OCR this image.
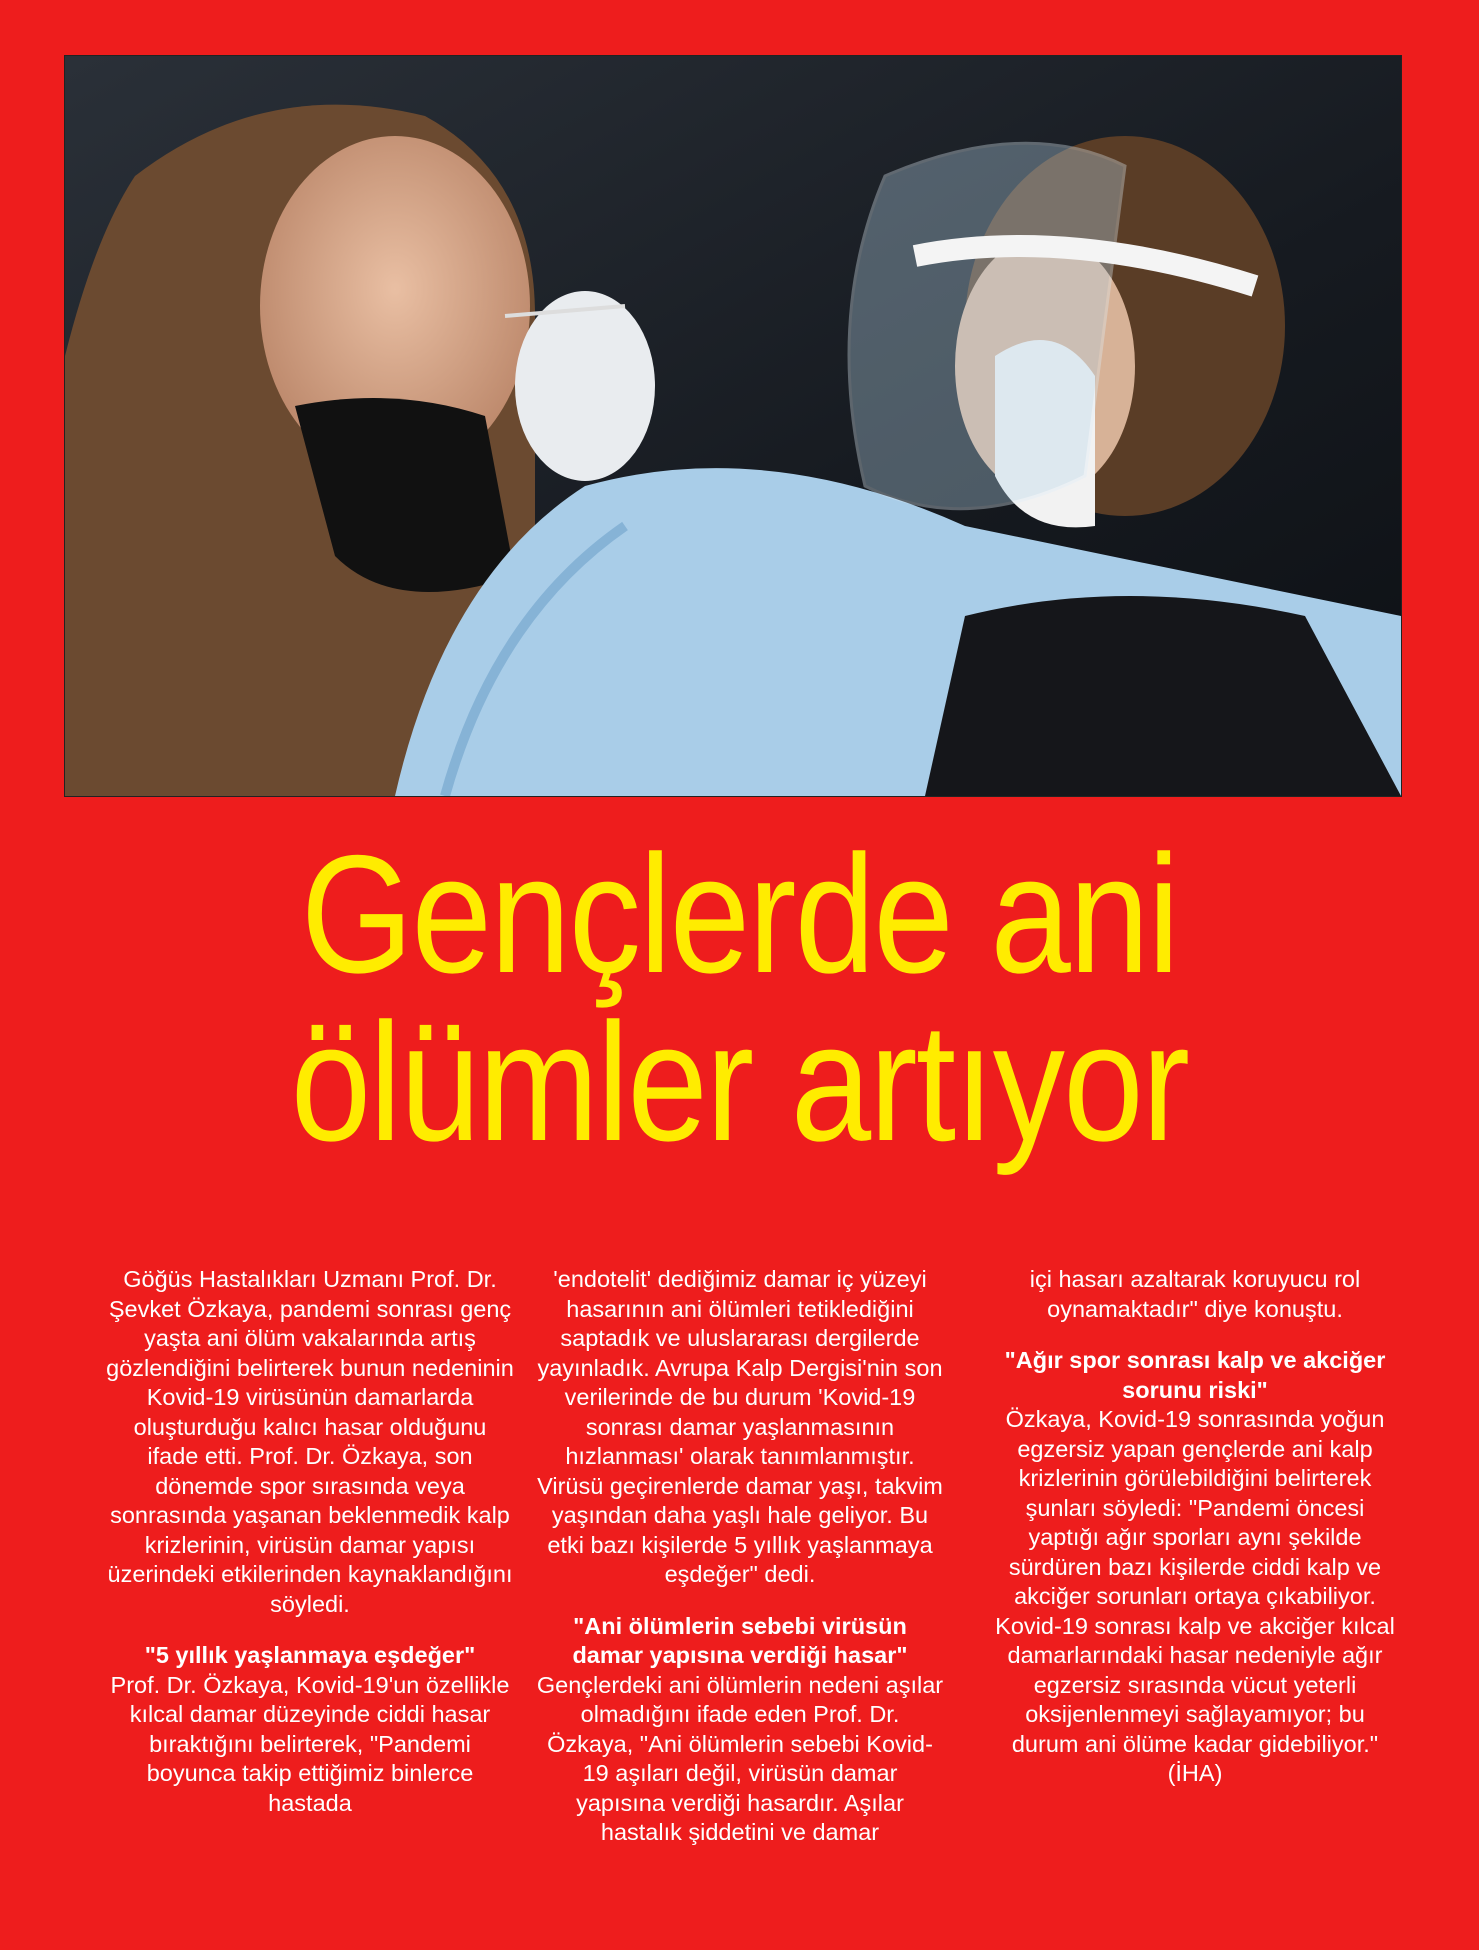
Gençlerde ani
ölümler artıyor

Göğüs Hastalıkları Uzmanı Prof. Dr. Şevket Özkaya, pandemi sonrası genç yaşta ani ölüm vakalarında artış gözlendiğini belirterek bunun nedeninin Kovid-19 virüsünün damarlarda oluşturduğu kalıcı hasar olduğunu ifade etti. Prof. Dr. Özkaya, son dönemde spor sırasında veya sonrasında yaşanan beklenmedik kalp krizlerinin, virüsün damar yapısı üzerindeki etkilerinden kaynaklandığını söyledi.

"5 yıllık yaşlanmaya eşdeğer"

Prof. Dr. Özkaya, Kovid-19'un özellikle kılcal damar düzeyinde ciddi hasar bıraktığını belirterek, "Pandemi boyunca takip ettiğimiz binlerce hastada

'endotelit' dediğimiz damar iç yüzeyi hasarının ani ölümleri tetiklediğini saptadık ve uluslararası dergilerde yayınladık. Avrupa Kalp Dergisi'nin son verilerinde de bu durum 'Kovid-19 sonrası damar yaşlanmasının hızlanması' olarak tanımlanmıştır. Virüsü geçirenlerde damar yaşı, takvim yaşından daha yaşlı hale geliyor. Bu etki bazı kişilerde 5 yıllık yaşlanmaya eşdeğer" dedi.

"Ani ölümlerin sebebi virüsün damar yapısına verdiği hasar"

Gençlerdeki ani ölümlerin nedeni aşılar olmadığını ifade eden Prof. Dr. Özkaya, "Ani ölümlerin sebebi Kovid-19 aşıları değil, virüsün damar yapısına verdiği hasardır. Aşılar hastalık şiddetini ve damar

içi hasarı azaltarak koruyucu rol oynamaktadır" diye konuştu.

"Ağır spor sonrası kalp ve akciğer sorunu riski"

Özkaya, Kovid-19 sonrasında yoğun egzersiz yapan gençlerde ani kalp krizlerinin görülebildiğini belirterek şunları söyledi: "Pandemi öncesi yaptığı ağır sporları aynı şekilde sürdüren bazı kişilerde ciddi kalp ve akciğer sorunları ortaya çıkabiliyor. Kovid-19 sonrası kalp ve akciğer kılcal damarlarındaki hasar nedeniyle ağır egzersiz sırasında vücut yeterli oksijenlenmeyi sağlayamıyor; bu durum ani ölüme kadar gidebiliyor."

(İHA)
